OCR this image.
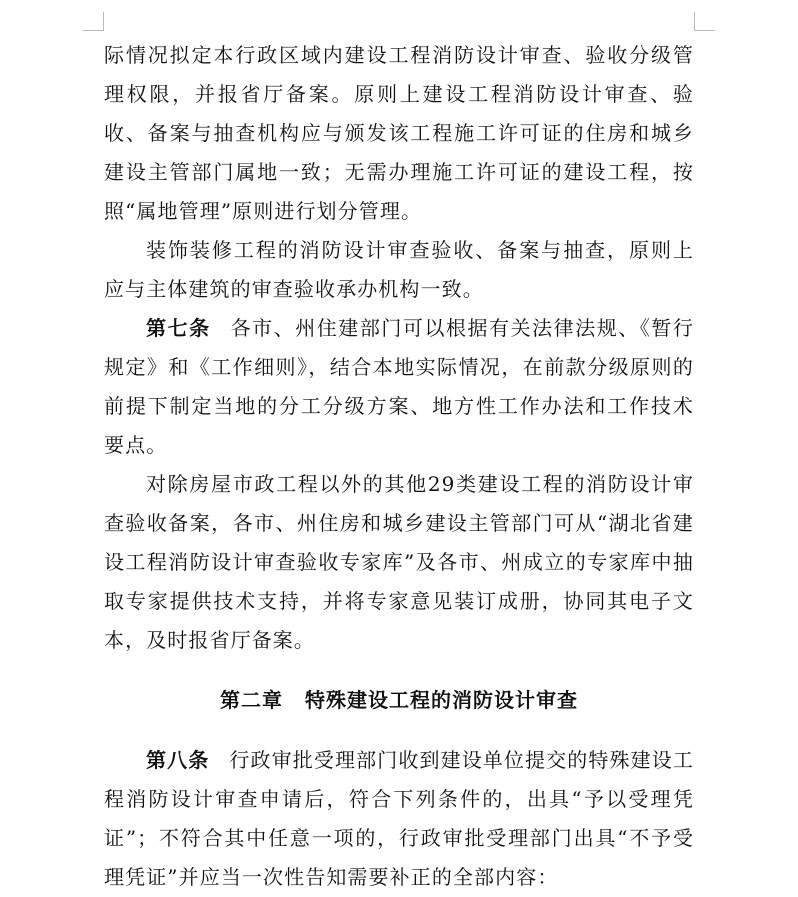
际情况拟定本行政区域内建设工程消防设计审查、验收分级管理权限，并报省厅备案。原则上建设工程消防设计审查、验收、备案与抽查机构应与颁发该工程施工许可证的住房和城乡建设主管部门属地一致；无需办理施工许可证的建设工程，按照“属地管理”原则进行划分管理。

装饰装修工程的消防设计审查验收、备案与抽查，原则上应与主体建筑的审查验收承办机构一致。

第七条 各市、州住建部门可以根据有关法律法规、《暂行规定》和《工作细则》，结合本地实际情况，在前款分级原则的前提下制定当地的分工分级方案、地方性工作办法和工作技术要点。

对除房屋市政工程以外的其他29类建设工程的消防设计审查验收备案，各市、州住房和城乡建设主管部门可从“湖北省建设工程消防设计审查验收专家库”及各市、州成立的专家库中抽取专家提供技术支持，并将专家意见装订成册，协同其电子文本，及时报省厅备案。

第二章 特殊建设工程的消防设计审查

第八条 行政审批受理部门收到建设单位提交的特殊建设工程消防设计审查申请后，符合下列条件的，出具“予以受理凭证”；不符合其中任意一项的，行政审批受理部门出具“不予受理凭证”并应当一次性告知需要补正的全部内容：
